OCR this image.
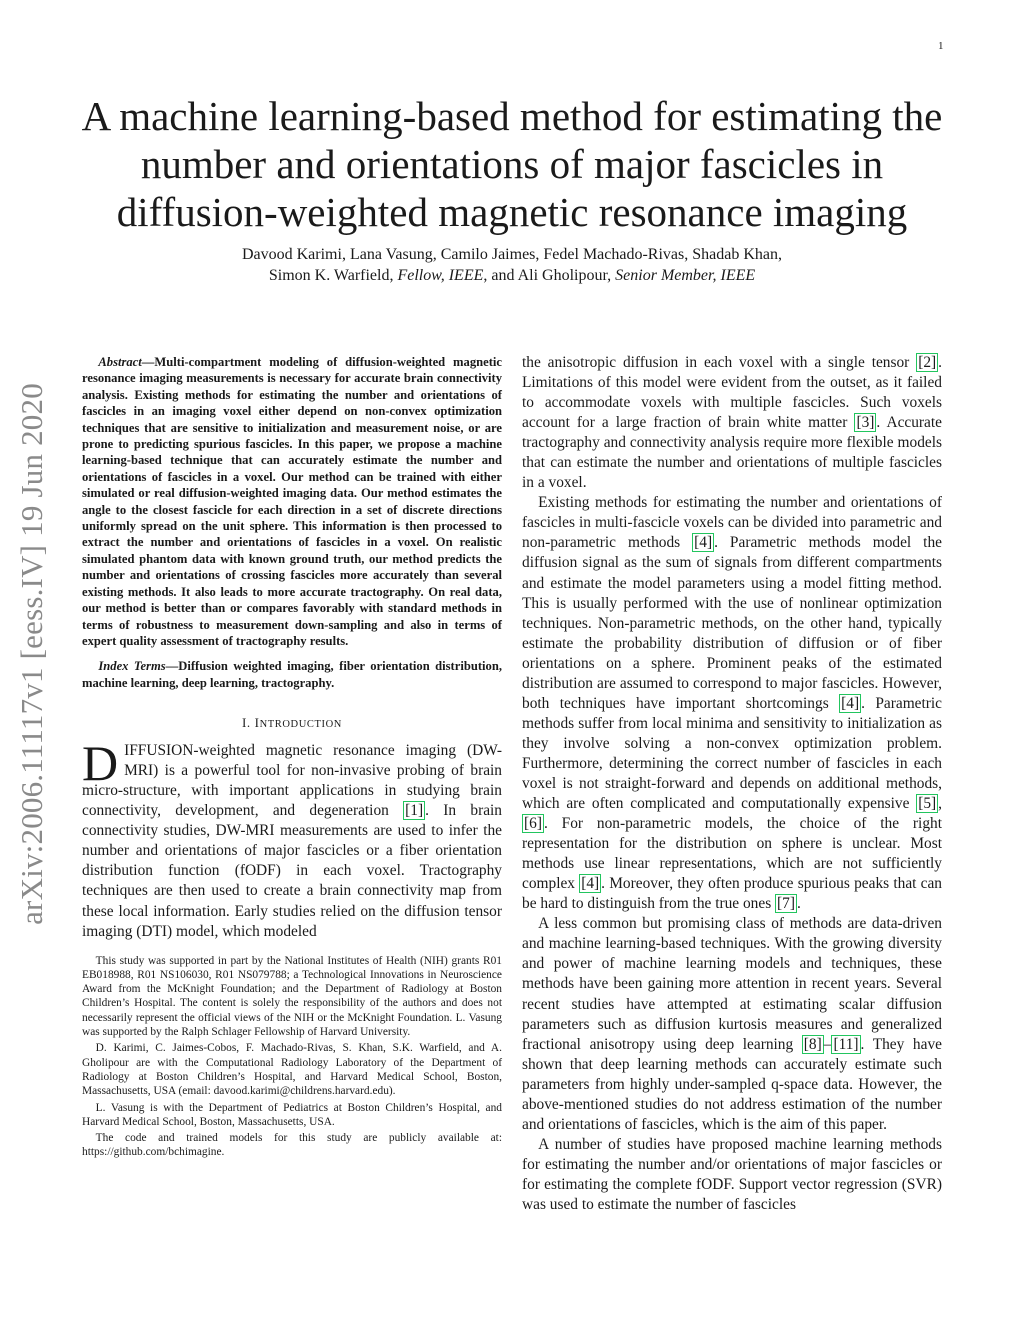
1
A machine learning-based method for estimating the number and orientations of major fascicles in diffusion-weighted magnetic resonance imaging
Davood Karimi, Lana Vasung, Camilo Jaimes, Fedel Machado-Rivas, Shadab Khan,
Simon K. Warfield, Fellow, IEEE, and Ali Gholipour, Senior Member, IEEE
arXiv:2006.11117v1 [eess.IV] 19 Jun 2020

Abstract—Multi-compartment modeling of diffusion-weighted magnetic resonance imaging measurements is necessary for accurate brain connectivity analysis. Existing methods for estimating the number and orientations of fascicles in an imaging voxel either depend on non-convex optimization techniques that are sensitive to initialization and measurement noise, or are prone to predicting spurious fascicles. In this paper, we propose a machine learning-based technique that can accurately estimate the number and orientations of fascicles in a voxel. Our method can be trained with either simulated or real diffusion-weighted imaging data. Our method estimates the angle to the closest fascicle for each direction in a set of discrete directions uniformly spread on the unit sphere. This information is then processed to extract the number and orientations of fascicles in a voxel. On realistic simulated phantom data with known ground truth, our method predicts the number and orientations of crossing fascicles more accurately than several existing methods. It also leads to more accurate tractography. On real data, our method is better than or compares favorably with standard methods in terms of robustness to measurement down-sampling and also in terms of expert quality assessment of tractography results.

Index Terms—Diffusion weighted imaging, fiber orientation distribution, machine learning, deep learning, tractography.

I. INTRODUCTION

DIFFUSION-weighted magnetic resonance imaging (DW-MRI) is a powerful tool for non-invasive probing of brain micro-structure, with important applications in studying brain connectivity, development, and degeneration [1] . In brain connectivity studies, DW-MRI measurements are used to infer the number and orientations of major fascicles or a fiber orientation distribution function (fODF) in each voxel. Tractography techniques are then used to create a brain connectivity map from these local information. Early studies relied on the diffusion tensor imaging (DTI) model, which modeled

This study was supported in part by the National Institutes of Health (NIH) grants R01 EB018988, R01 NS106030, R01 NS079788; a Technological Innovations in Neuroscience Award from the McKnight Foundation; and the Department of Radiology at Boston Children’s Hospital. The content is solely the responsibility of the authors and does not necessarily represent the official views of the NIH or the McKnight Foundation. L. Vasung was supported by the Ralph Schlager Fellowship of Harvard University.

D. Karimi, C. Jaimes-Cobos, F. Machado-Rivas, S. Khan, S.K. Warfield, and A. Gholipour are with the Computational Radiology Laboratory of the Department of Radiology at Boston Children’s Hospital, and Harvard Medical School, Boston, Massachusetts, USA (email: davood.karimi@childrens.harvard.edu).

L. Vasung is with the Department of Pediatrics at Boston Children’s Hospital, and Harvard Medical School, Boston, Massachusetts, USA.

The code and trained models for this study are publicly available at: https://github.com/bchimagine.

the anisotropic diffusion in each voxel with a single tensor [2] . Limitations of this model were evident from the outset, as it failed to accommodate voxels with multiple fascicles. Such voxels account for a large fraction of brain white matter [3] . Accurate tractography and connectivity analysis require more flexible models that can estimate the number and orientations of multiple fascicles in a voxel.

Existing methods for estimating the number and orientations of fascicles in multi-fascicle voxels can be divided into parametric and non-parametric methods [4] . Parametric methods model the diffusion signal as the sum of signals from different compartments and estimate the model parameters using a model fitting method. This is usually performed with the use of nonlinear optimization techniques. Non-parametric methods, on the other hand, typically estimate the probability distribution of diffusion or of fiber orientations on a sphere. Prominent peaks of the estimated distribution are assumed to correspond to major fascicles. However, both techniques have important shortcomings [4] . Parametric methods suffer from local minima and sensitivity to initialization as they involve solving a non-convex optimization problem. Furthermore, determining the correct number of fascicles in each voxel is not straight-forward and depends on additional methods, which are often complicated and computationally expensive [5] , [6] . For non-parametric models, the choice of the right representation for the distribution on sphere is unclear. Most methods use linear representations, which are not sufficiently complex [4] . Moreover, they often produce spurious peaks that can be hard to distinguish from the true ones [7] .

A less common but promising class of methods are data-driven and machine learning-based techniques. With the growing diversity and power of machine learning models and techniques, these methods have been gaining more attention in recent years. Several recent studies have attempted at estimating scalar diffusion parameters such as diffusion kurtosis measures and generalized fractional anisotropy using deep learning [8] – [11] . They have shown that deep learning methods can accurately estimate such parameters from highly under-sampled q-space data. However, the above-mentioned studies do not address estimation of the number and orientations of fascicles, which is the aim of this paper.

A number of studies have proposed machine learning methods for estimating the number and/or orientations of major fascicles or for estimating the complete fODF. Support vector regression (SVR) was used to estimate the number of fascicles
